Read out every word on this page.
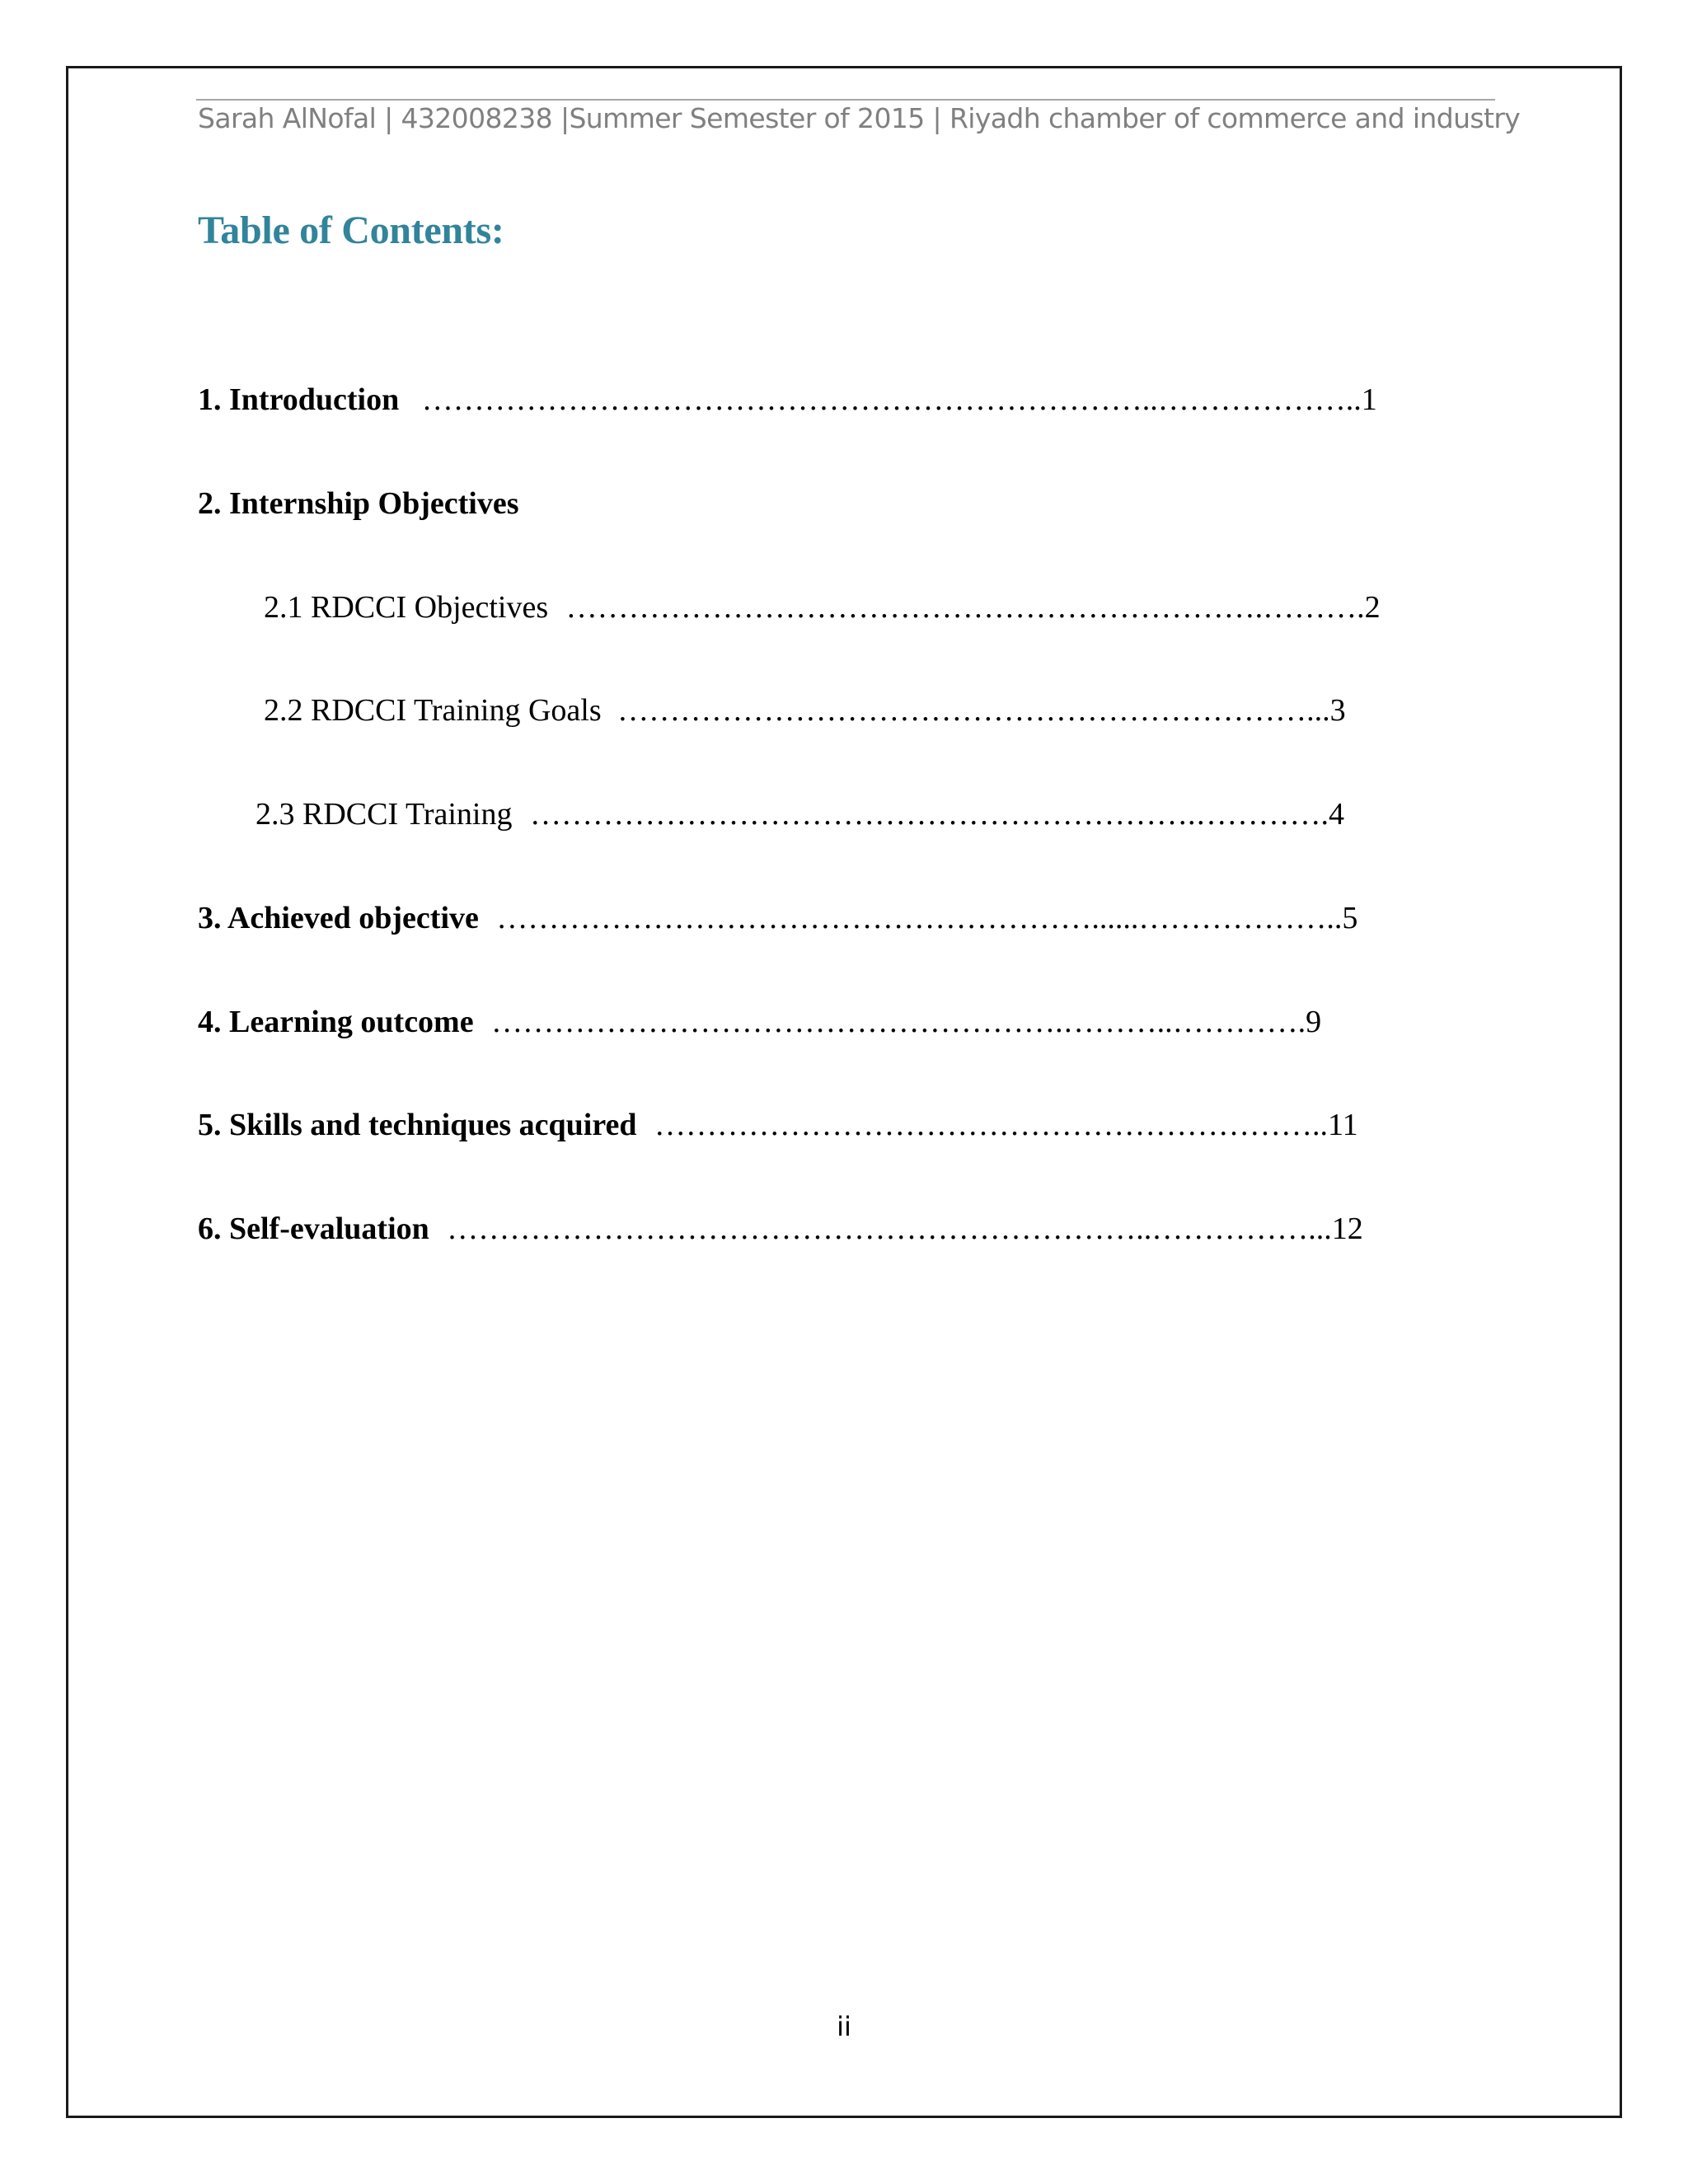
Sarah AlNofal | 432008238 |Summer Semester of 2015 | Riyadh chamber of commerce and industry
Table of Contents:
1. Introduction ……………………………………………………………..………………..1
2. Internship Objectives
2.1 RDCCI Objectives ………………………………………………………….……….2
2.2 RDCCI Training Goals …………………………………………………………...3
2.3 RDCCI Training ……………………………………………………….………….4
3. Achieved objective …………………………………………………......………………..5
4. Learning outcome ……………………………………………….………..………….9
5. Skills and techniques acquired ………………………………………………………..11
6. Self-evaluation …………………………………………………………..……………...12
ii
